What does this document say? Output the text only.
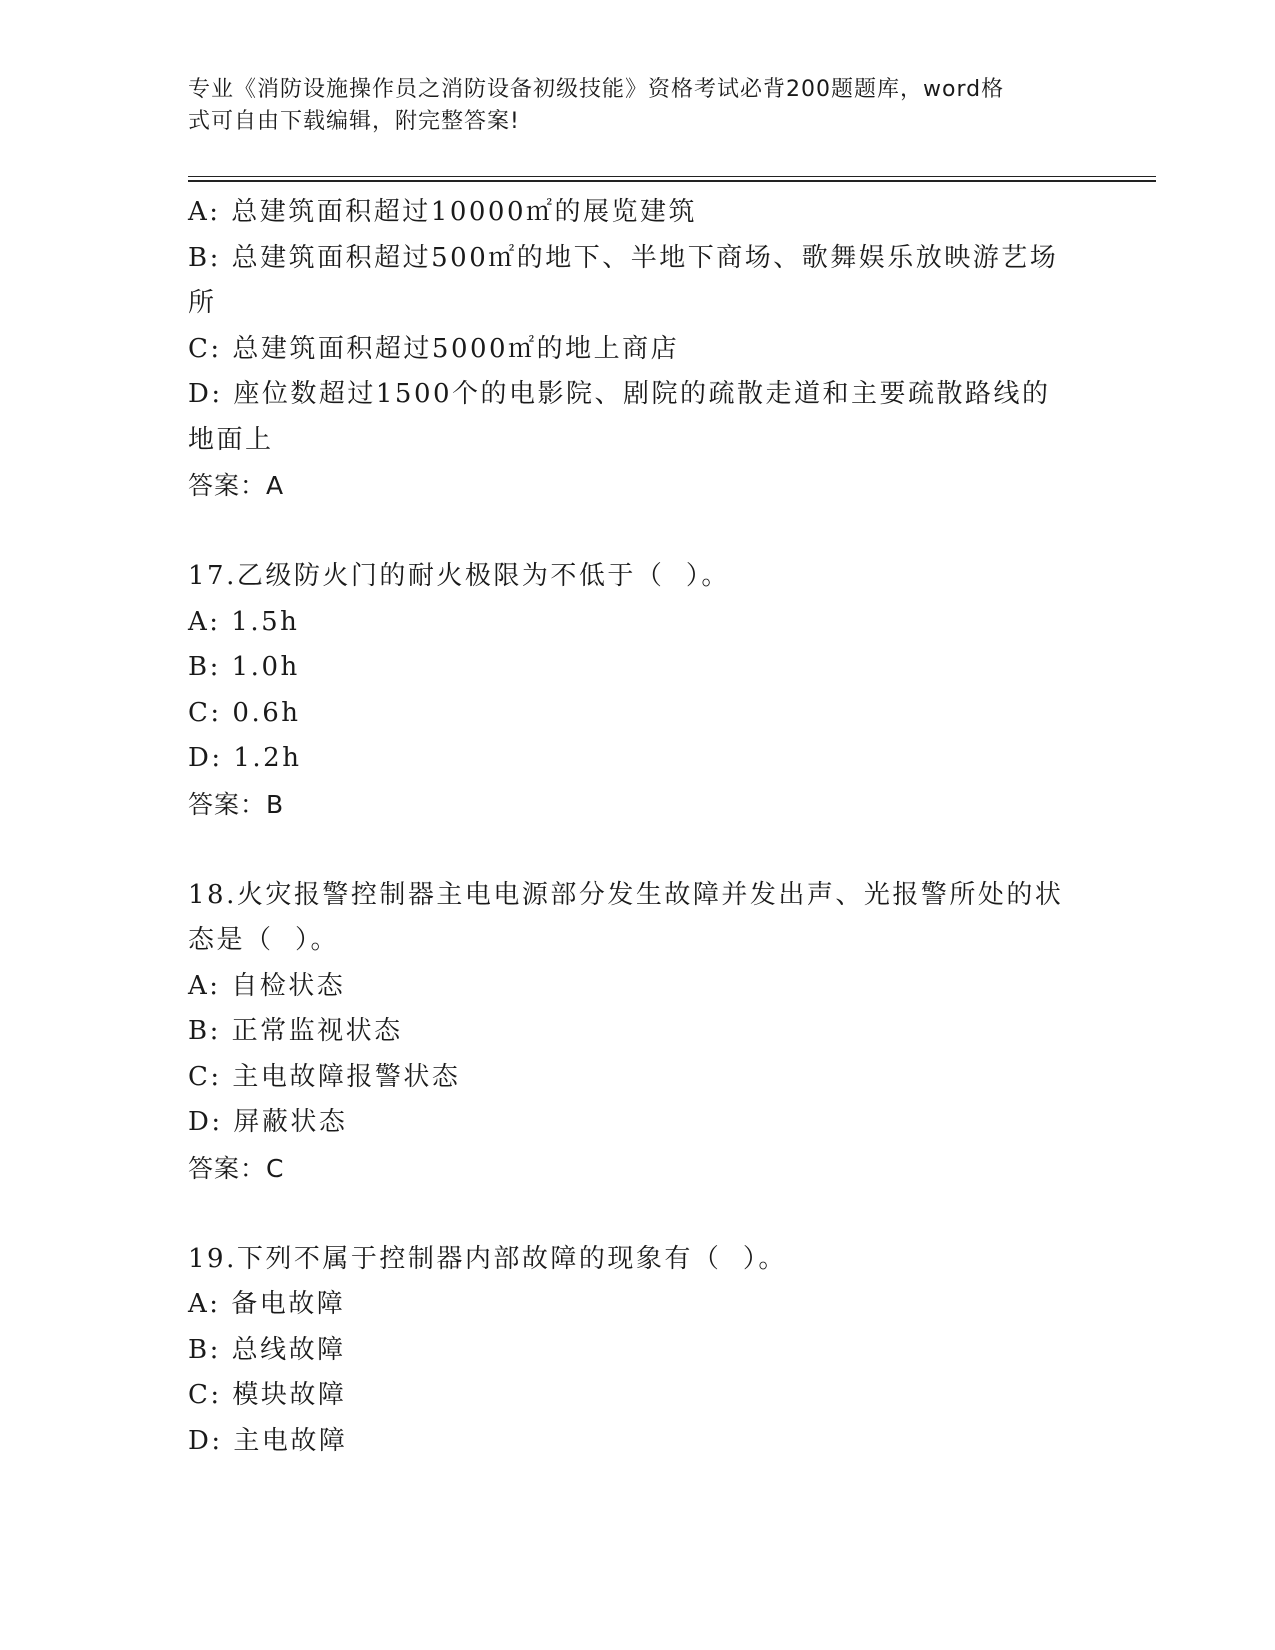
专业《消防设施操作员之消防设备初级技能》资格考试必背200题题库，word格
式可自由下载编辑，附完整答案!

A: 总建筑面积超过10000㎡的展览建筑

B: 总建筑面积超过500㎡的地下、半地下商场、歌舞娱乐放映游艺场

所

C: 总建筑面积超过5000㎡的地上商店

D: 座位数超过1500个的电影院、剧院的疏散走道和主要疏散路线的

地面上

答案：A

17.乙级防火门的耐火极限为不低于（  ）。

A: 1.5h

B: 1.0h

C: 0.6h

D: 1.2h

答案：B

18.火灾报警控制器主电电源部分发生故障并发出声、光报警所处的状

态是（  ）。

A: 自检状态

B: 正常监视状态

C: 主电故障报警状态

D: 屏蔽状态

答案：C

19.下列不属于控制器内部故障的现象有（  ）。

A: 备电故障

B: 总线故障

C: 模块故障

D: 主电故障
